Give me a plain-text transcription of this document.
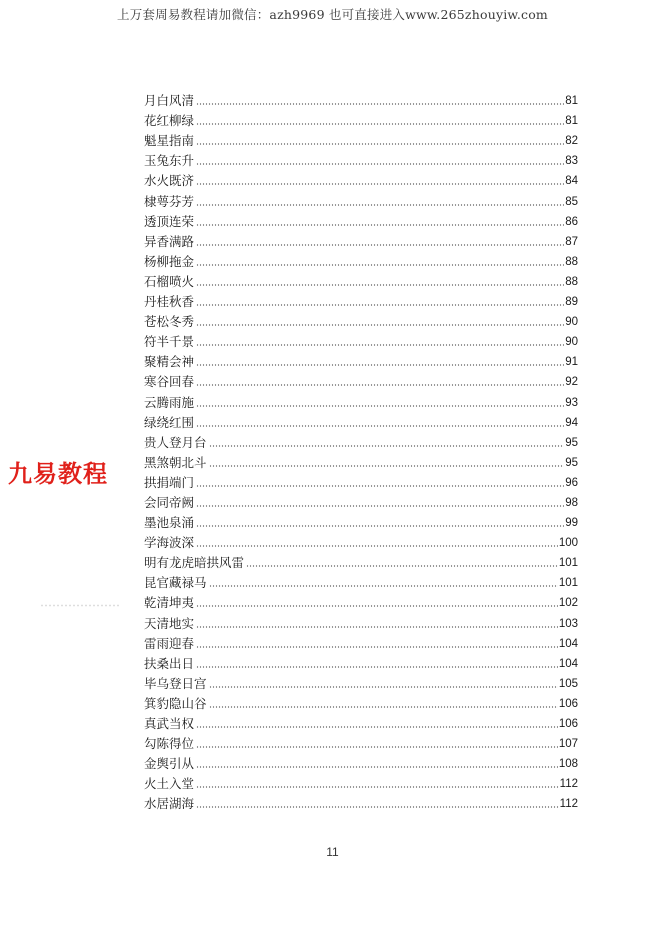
上万套周易教程请加微信：azh9969 也可直接进入www.265zhouyiw.com
九易教程
月白风清	81
花红柳绿	81
魁星指南	82
玉兔东升	83
水火既济	84
棣萼芬芳	85
透顶连荣	86
异香满路	87
杨柳拖金	88
石榴喷火	88
丹桂秋香	89
苍松冬秀	90
符半千景	90
聚精会神	91
寒谷回春	92
云腾雨施	93
绿绕红围	94
贵人登月台	95
黑煞朝北斗	95
拱捐端门	96
会同帝阙	98
墨池泉涌	99
学海波深	100
明有龙虎暗拱风雷	101
昆官藏禄马	101
乾清坤夷	102
天清地实	103
雷雨迎春	104
扶桑出日	104
毕乌登日宫	105
箕豹隐山谷	106
真武当权	106
勾陈得位	107
金舆引从	108
火土入堂	112
水居湖海	112
11
